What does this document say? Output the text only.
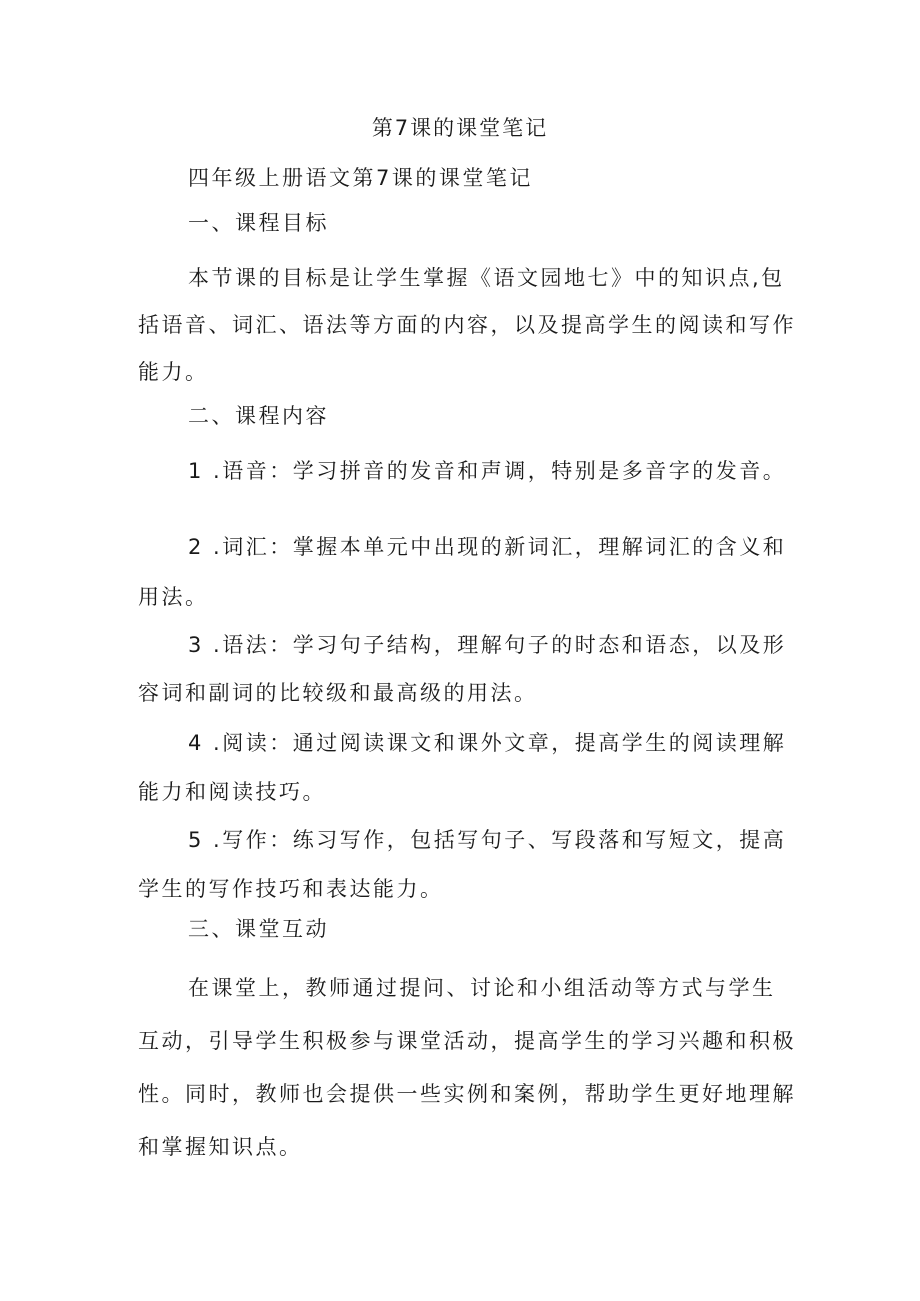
第7课的课堂笔记
四年级上册语文第7课的课堂笔记
一、课程目标

本节课的目标是让学生掌握《语文园地七》中的知识点,包括语音、词汇、语法等方面的内容，以及提高学生的阅读和写作能力。

二、课程内容
1 .语音：学习拼音的发音和声调，特别是多音字的发音。

2 .词汇：掌握本单元中出现的新词汇，理解词汇的含义和用法。

3 .语法：学习句子结构，理解句子的时态和语态，以及形容词和副词的比较级和最高级的用法。

4 .阅读：通过阅读课文和课外文章，提高学生的阅读理解能力和阅读技巧。

5 .写作：练习写作，包括写句子、写段落和写短文，提高学生的写作技巧和表达能力。

三、课堂互动

在课堂上，教师通过提问、讨论和小组活动等方式与学生互动，引导学生积极参与课堂活动，提高学生的学习兴趣和积极性。同时，教师也会提供一些实例和案例，帮助学生更好地理解和掌握知识点。
